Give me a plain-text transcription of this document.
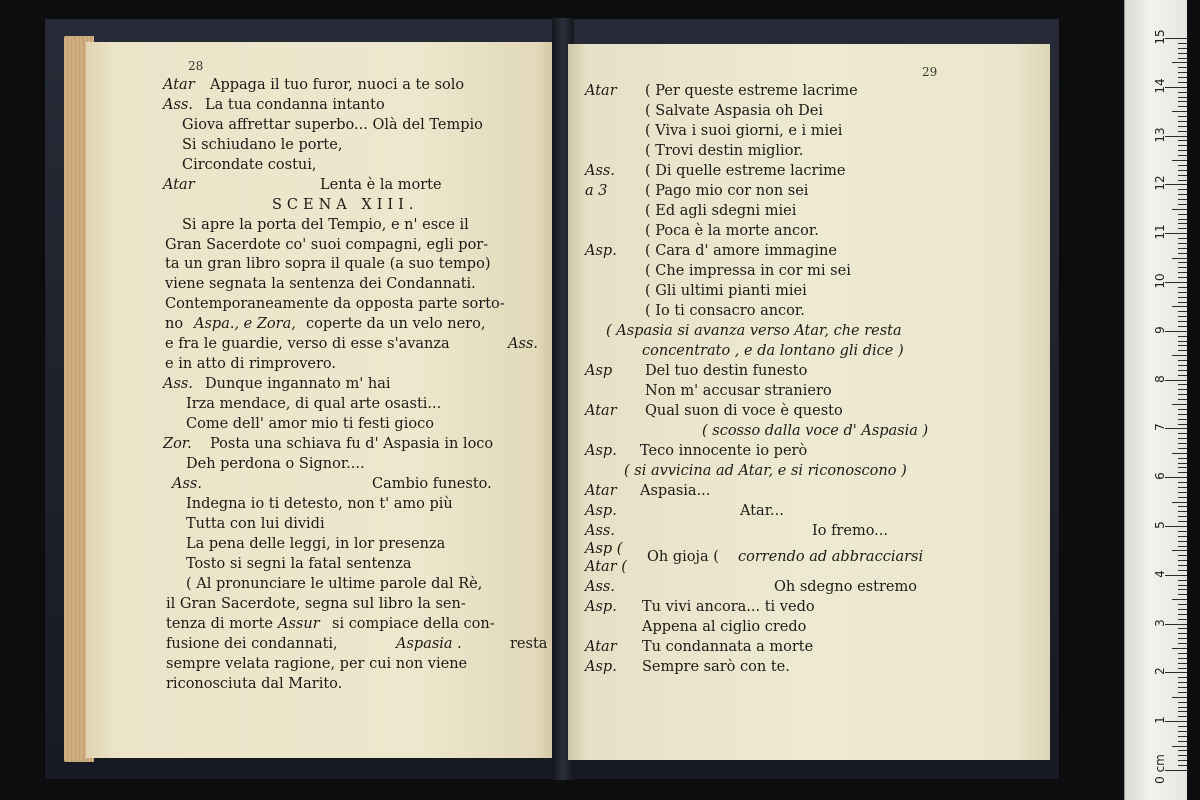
28	29
Atar Appaga il tuo furor, nuoci a te solo
Ass. La tua condanna intanto
Giova affrettar superbo... Olà del Tempio
Si schiudano le porte,
Circondate costui,
Atar	Lenta è la morte
SCENA XIII.
Si apre la porta del Tempio, e n' esce il
Gran Sacerdote co' suoi compagni, egli por-
ta un gran libro sopra il quale (a suo tempo)
viene segnata la sentenza dei Condannati.
Contemporaneamente da opposta parte sorto-
no Aspa., e Zora, coperte da un velo nero,
e fra le guardie, verso di esse s'avanza	Ass.
e in atto di rimprovero.
Ass. Dunque ingannato m' hai
Irza mendace, di qual arte osasti...
Come dell' amor mio ti festi gioco
Zor. Posta una schiava fu d' Aspasia in loco
Deh perdona o Signor....
Ass.	Cambio funesto.
Indegna io ti detesto, non t' amo più
Tutta con lui dividi
La pena delle leggi, in lor presenza
Tosto si segni la fatal sentenza
( Al pronunciare le ultime parole dal Rè,
il Gran Sacerdote, segna sul libro la sen-
tenza di morte Assur si compiace della con-
fusione dei condannati,	Aspasia .	resta
sempre velata ragione, per cui non viene
riconosciuta dal Marito.
Atar ( Per queste estreme lacrime
( Salvate Aspasia oh Dei
( Viva i suoi giorni, e i miei
( Trovi destin miglior.
Ass. ( Di quelle estreme lacrime
a 3	( Pago mio cor non sei
( Ed agli sdegni miei
( Poca è la morte ancor.
Asp. ( Cara d' amore immagine
( Che impressa in cor mi sei
( Gli ultimi pianti miei
( Io ti consacro ancor.
( Aspasia si avanza verso Atar, che resta
concentrato , e da lontano gli dice )
Asp Del tuo destin funesto
Non m' accusar straniero
Atar Qual suon di voce è questo
( scosso dalla voce d' Aspasia )
Asp. Teco innocente io però
( si avvicina ad Atar, e si riconoscono )
Atar Aspasia...
Asp.	Atar...
Ass.	Io fremo...
Asp (
Atar (
Oh gioja ( correndo ad abbracciarsi
Ass.	Oh sdegno estremo
Asp. Tu vivi ancora... ti vedo
Appena al ciglio credo
Atar Tu condannata a morte
Asp. Sempre sarò con te.
15
14
13
12
11
10
9
8
7
6
5
4
3
2
1
0 cm
